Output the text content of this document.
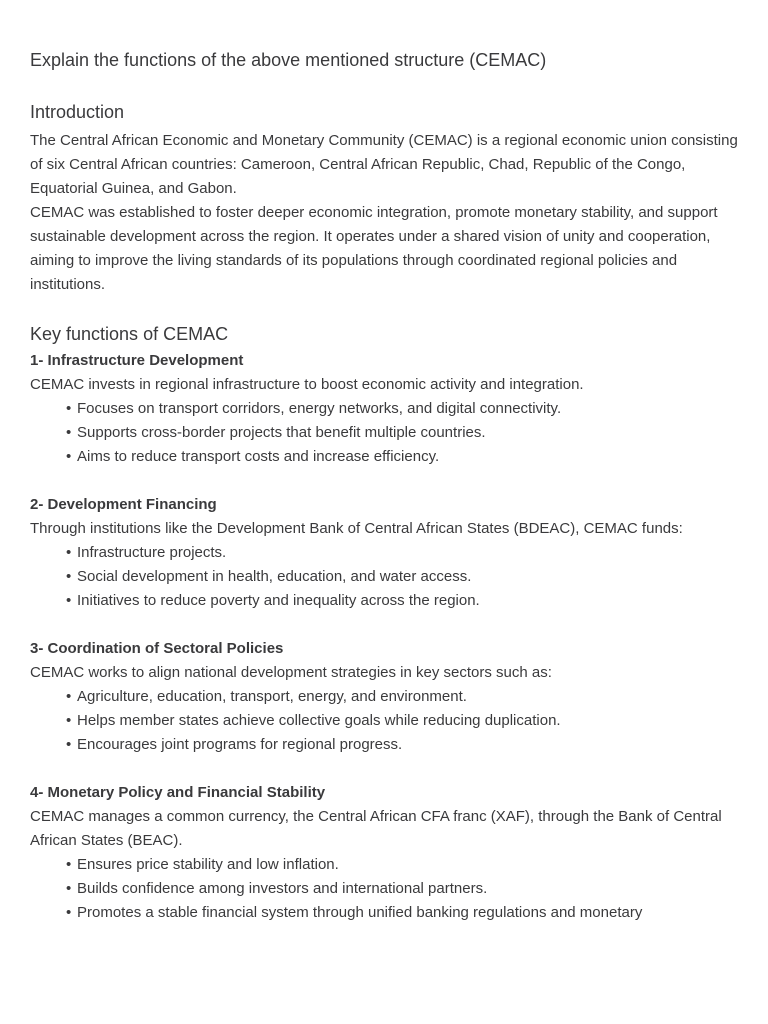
Explain the functions of the above mentioned structure (CEMAC)
Introduction

The Central African Economic and Monetary Community (CEMAC) is a regional economic union consisting of six Central African countries: Cameroon, Central African Republic, Chad, Republic of the Congo, Equatorial Guinea, and Gabon.

CEMAC was established to foster deeper economic integration, promote monetary stability, and support sustainable development across the region. It operates under a shared vision of unity and cooperation, aiming to improve the living standards of its populations through coordinated regional policies and institutions.

Key functions of CEMAC

1- Infrastructure Development

CEMAC invests in regional infrastructure to boost economic activity and integration.

• Focuses on transport corridors, energy networks, and digital connectivity.
• Supports cross-border projects that benefit multiple countries.
• Aims to reduce transport costs and increase efficiency.

2- Development Financing

Through institutions like the Development Bank of Central African States (BDEAC), CEMAC funds:

• Infrastructure projects.
• Social development in health, education, and water access.
• Initiatives to reduce poverty and inequality across the region.

3- Coordination of Sectoral Policies

CEMAC works to align national development strategies in key sectors such as:

• Agriculture, education, transport, energy, and environment.
• Helps member states achieve collective goals while reducing duplication.
• Encourages joint programs for regional progress.

4- Monetary Policy and Financial Stability

CEMAC manages a common currency, the Central African CFA franc (XAF), through the Bank of Central African States (BEAC).

• Ensures price stability and low inflation.
• Builds confidence among investors and international partners.
• Promotes a stable financial system through unified banking regulations and monetary
